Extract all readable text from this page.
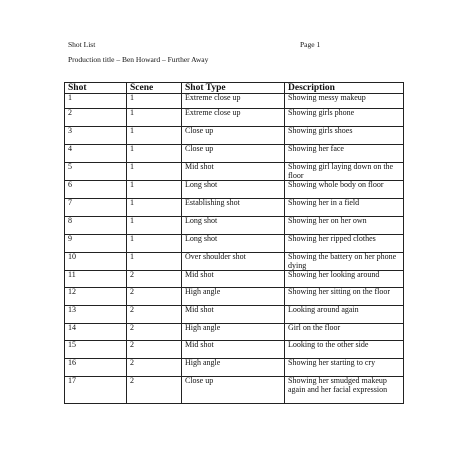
Shot List	Page 1
Production title – Ben Howard – Further Away
Shot	Scene	Shot Type	Description
1	1	Extreme close up	Showing messy makeup
2	1	Extreme close up	Showing girls phone
3	1	Close up	Showing girls shoes
4	1	Close up	Showing her face
5	1	Mid shot	Showing girl laying down on the floor
6	1	Long shot	Showing whole body on floor
7	1	Establishing shot	Showing her in a field
8	1	Long shot	Showing her on her own
9	1	Long shot	Showing her ripped clothes
10	1	Over shoulder shot	Showing the battery on her phone dying
11	2	Mid shot	Showing her looking around
12	2	High angle	Showing her sitting on the floor
13	2	Mid shot	Looking around again
14	2	High angle	Girl on the floor
15	2	Mid shot	Looking to the other side
16	2	High angle	Showing her starting to cry
17	2	Close up	Showing her smudged makeup again and her facial expression
